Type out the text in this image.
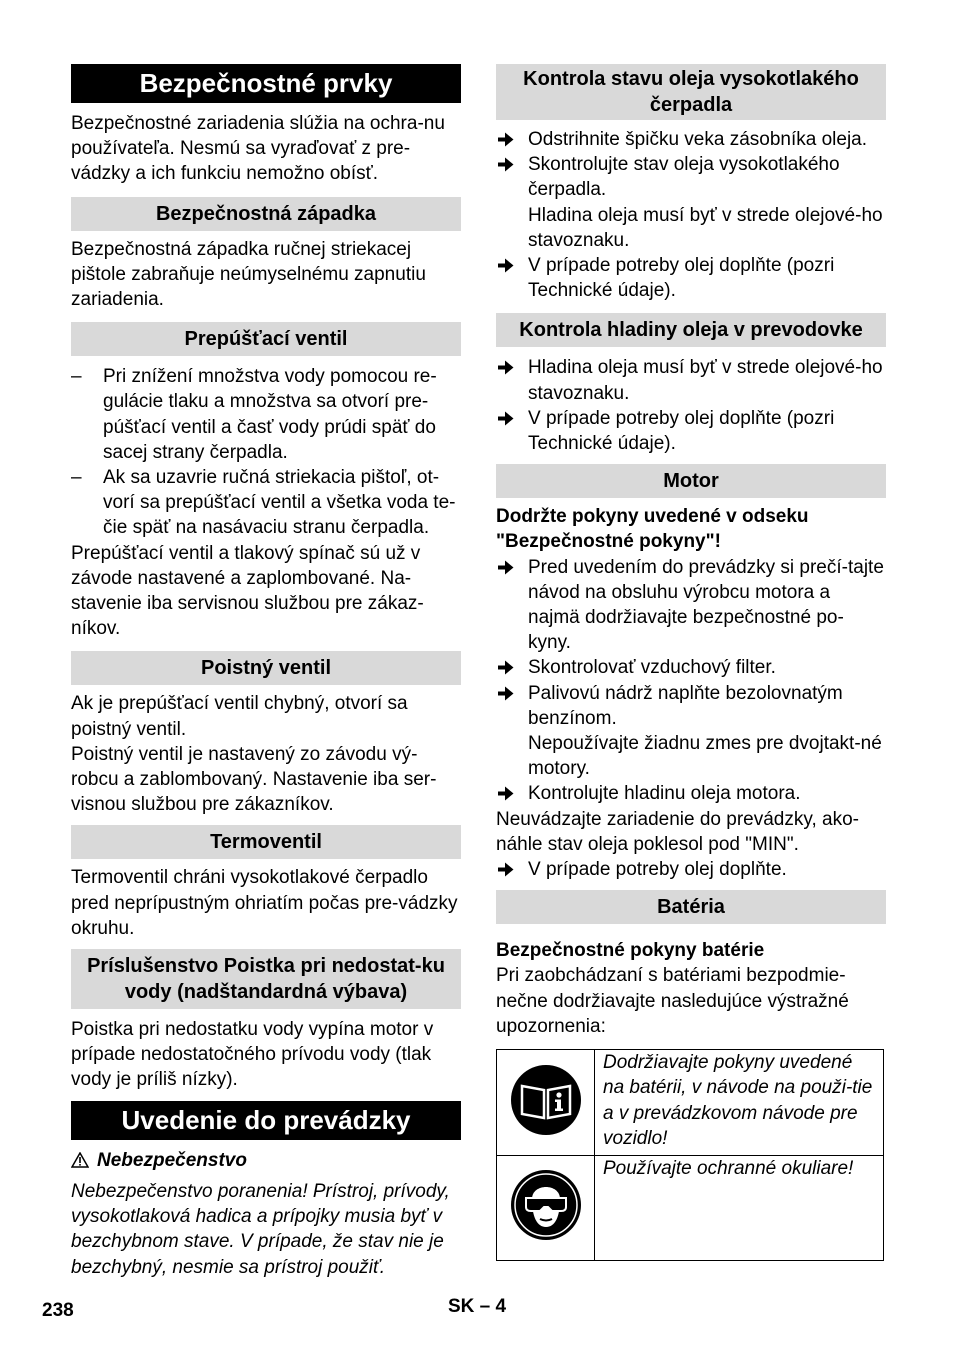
Bezpečnostné prvky
Bezpečnostné zariadenia slúžia na ochra-nu používateľa. Nesmú sa vyraďovať z pre-vádzky a ich funkciu nemožno obísť.
Bezpečnostná západka
Bezpečnostná západka ručnej striekacej pištole zabraňuje neúmyselnému zapnutiu zariadenia.
Prepúšťací ventil
– Pri znížení množstva vody pomocou re-gulácie tlaku a množstva sa otvorí pre-púšťací ventil a časť vody prúdi späť do sacej strany čerpadla.
– Ak sa uzavrie ručná striekacia pištoľ, ot-vorí sa prepúšťací ventil a všetka voda te-čie späť na nasávaciu stranu čerpadla.
Prepúšťací ventil a tlakový spínač sú už v závode nastavené a zaplombované. Na-stavenie iba servisnou službou pre zákaz-níkov.
Poistný ventil
Ak je prepúšťací ventil chybný, otvorí sa poistný ventil.
Poistný ventil je nastavený zo závodu vý-robcu a zablombovaný. Nastavenie iba ser-visnou službou pre zákazníkov.
Termoventil
Termoventil chráni vysokotlakové čerpadlo pred neprípustným ohriatím počas pre-vádzky okruhu.
Príslušenstvo Poistka pri nedostat-ku vody (nadštandardná výbava)
Poistka pri nedostatku vody vypína motor v prípade nedostatočného prívodu vody (tlak vody je príliš nízky).
Uvedenie do prevádzky
Nebezpečenstvo
Nebezpečenstvo poranenia! Prístroj, prívody, vysokotlaková hadica a prípojky musia byť v bezchybnom stave. V prípade, že stav nie je bezchybný, nesmie sa prístroj použiť.
Kontrola stavu oleja vysokotlakého čerpadla
Odstrihnite špičku veka zásobníka oleja.
Skontrolujte stav oleja vysokotlakého čerpadla.
Hladina oleja musí byť v strede olejové-ho stavoznaku.
V prípade potreby olej doplňte (pozri Technické údaje).
Kontrola hladiny oleja v prevodovke
Hladina oleja musí byť v strede olejové-ho stavoznaku.
V prípade potreby olej doplňte (pozri Technické údaje).
Motor
Dodržte pokyny uvedené v odseku "Bezpečnostné pokyny"!
Pred uvedením do prevádzky si prečí-tajte návod na obsluhu výrobcu motora a najmä dodržiavajte bezpečnostné po-kyny.
Skontrolovať vzduchový filter.
Palivovú nádrž naplňte bezolovnatým benzínom.
Nepoužívajte žiadnu zmes pre dvojtakt-né motory.
Kontrolujte hladinu oleja motora.
Neuvádzajte zariadenie do prevádzky, ako-náhle stav oleja poklesol pod "MIN".
V prípade potreby olej doplňte.
Batéria
Bezpečnostné pokyny batérie
Pri zaobchádzaní s batériami bezpodmie-nečne dodržiavajte nasledujúce výstražné upozornenia:
	Dodržiavajte pokyny uvedené na batérii, v návode na použi-tie a v prevádzkovom návode pre vozidlo!
	Používajte ochranné okuliare!
238	SK – 4
